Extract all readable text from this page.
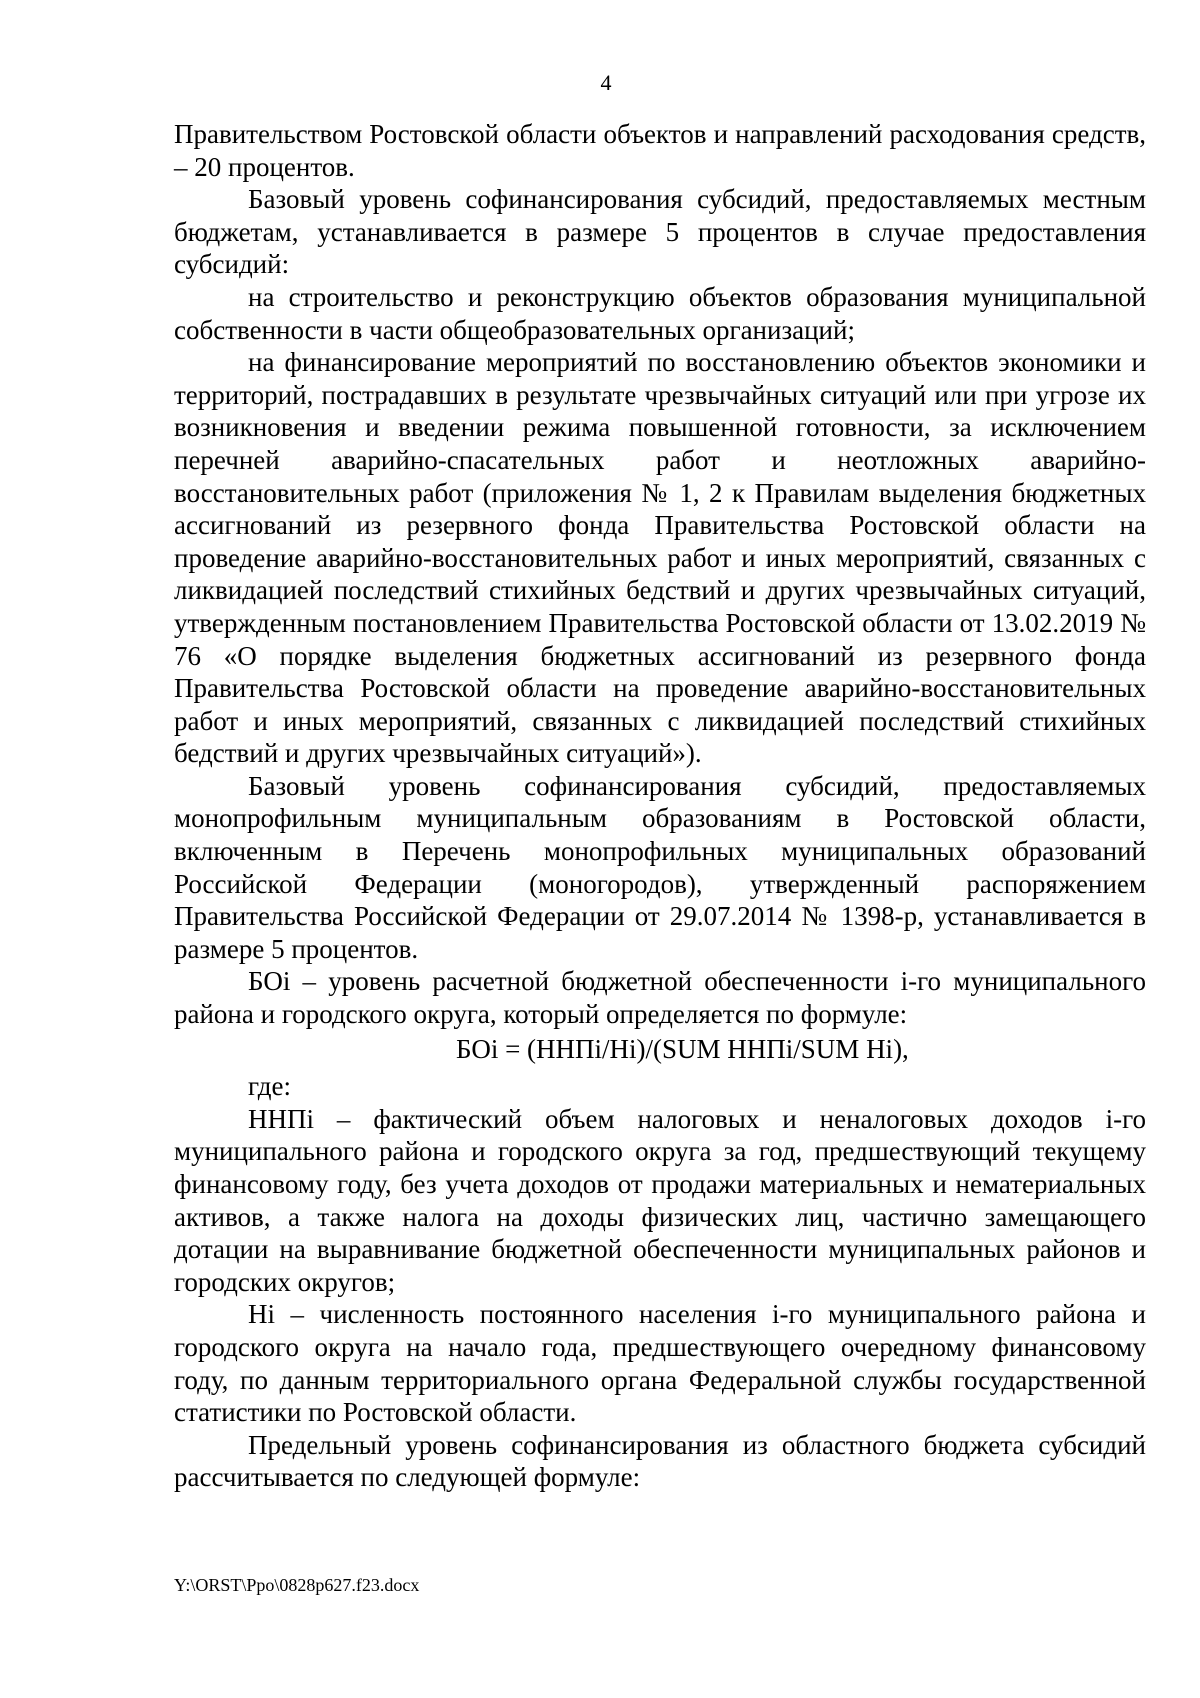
4

Правительством Ростовской области объектов и направлений расходования средств, – 20 процентов.

Базовый уровень софинансирования субсидий, предоставляемых местным бюджетам, устанавливается в размере 5 процентов в случае предоставления субсидий:

на строительство и реконструкцию объектов образования муниципальной собственности в части общеобразовательных организаций;

на финансирование мероприятий по восстановлению объектов экономики и территорий, пострадавших в результате чрезвычайных ситуаций или при угрозе их возникновения и введении режима повышенной готовности, за исключением перечней аварийно-спасательных работ и неотложных аварийно-восстановительных работ (приложения № 1, 2 к Правилам выделения бюджетных ассигнований из резервного фонда Правительства Ростовской области на проведение аварийно-восстановительных работ и иных мероприятий, связанных с ликвидацией последствий стихийных бедствий и других чрезвычайных ситуаций, утвержденным постановлением Правительства Ростовской области от 13.02.2019 № 76 «О порядке выделения бюджетных ассигнований из резервного фонда Правительства Ростовской области на проведение аварийно-восстановительных работ и иных мероприятий, связанных с ликвидацией последствий стихийных бедствий и других чрезвычайных ситуаций»).

Базовый уровень софинансирования субсидий, предоставляемых монопрофильным муниципальным образованиям в Ростовской области, включенным в Перечень монопрофильных муниципальных образований Российской Федерации (моногородов), утвержденный распоряжением Правительства Российской Федерации от 29.07.2014 № 1398-р, устанавливается в размере 5 процентов.

БОi – уровень расчетной бюджетной обеспеченности i-го муниципального района и городского округа, который определяется по формуле:

БОi = (ННПi/Нi)/(SUM ННПi/SUM Нi),

где:

ННПi – фактический объем налоговых и неналоговых доходов i-го муниципального района и городского округа за год, предшествующий текущему финансовому году, без учета доходов от продажи материальных и нематериальных активов, а также налога на доходы физических лиц, частично замещающего дотации на выравнивание бюджетной обеспеченности муниципальных районов и городских округов;

Нi – численность постоянного населения i-го муниципального района и городского округа на начало года, предшествующего очередному финансовому году, по данным территориального органа Федеральной службы государственной статистики по Ростовской области.

Предельный уровень софинансирования из областного бюджета субсидий рассчитывается по следующей формуле:

Y:\ORST\Ppo\0828p627.f23.docx
